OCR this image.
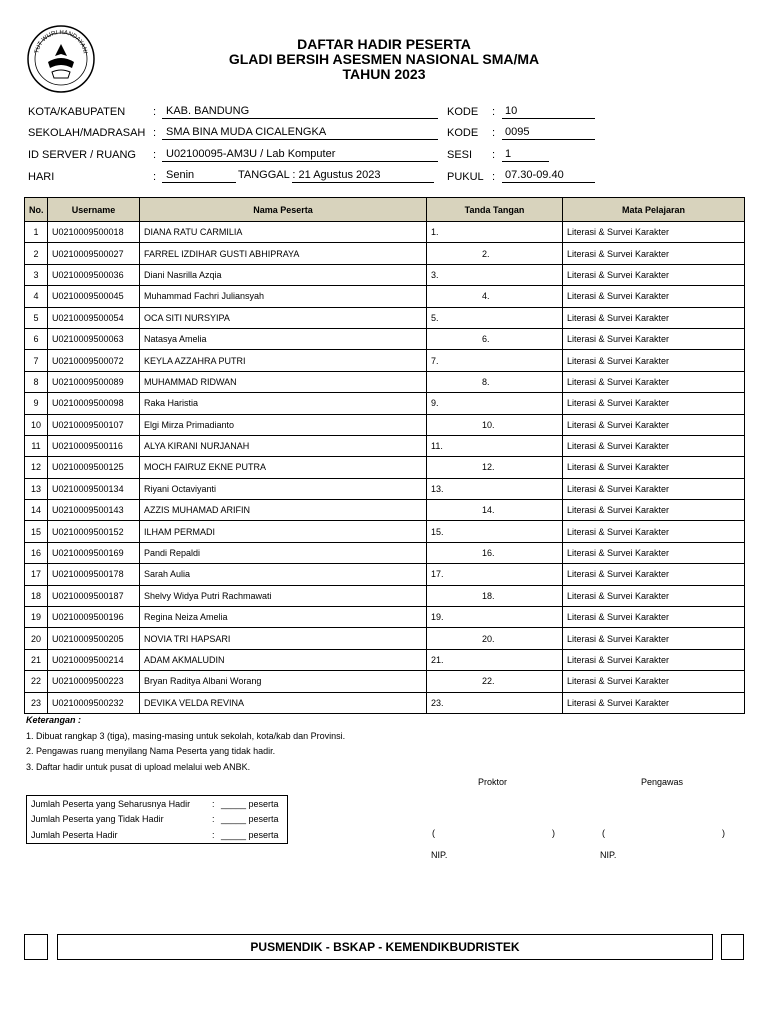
TUT WURI HANDAYANI
DAFTAR HADIR PESERTA
GLADI BERSIH ASESMEN NASIONAL SMA/MA
TAHUN 2023
KOTA/KABUPATEN	: KAB. BANDUNG
SEKOLAH/MADRASAH : SMA BINA MUDA CICALENGKA
ID SERVER / RUANG : U02100095-AM3U / Lab Komputer
HARI	: Senin	TANGGAL : 21 Agustus 2023
KODE : 10
KODE : 0095
SESI : 1
PUKUL : 07.30-09.40
No.	Username	Nama Peserta	Tanda Tangan	Mata Pelajaran
1	U0210009500018	DIANA RATU CARMILIA	1.	Literasi & Survei Karakter
2	U0210009500027	FARREL IZDIHAR GUSTI ABHIPRAYA	2.	Literasi & Survei Karakter
3	U0210009500036	Diani Nasrilla Azqia	3.	Literasi & Survei Karakter
4	U0210009500045	Muhammad Fachri Juliansyah	4.	Literasi & Survei Karakter
5	U0210009500054	OCA SITI NURSYIPA	5.	Literasi & Survei Karakter
6	U0210009500063	Natasya Amelia	6.	Literasi & Survei Karakter
7	U0210009500072	KEYLA AZZAHRA PUTRI	7.	Literasi & Survei Karakter
8	U0210009500089	MUHAMMAD RIDWAN	8.	Literasi & Survei Karakter
9	U0210009500098	Raka Haristia	9.	Literasi & Survei Karakter
10	U0210009500107	Elgi Mirza Primadianto	10.	Literasi & Survei Karakter
11	U0210009500116	ALYA KIRANI NURJANAH	11.	Literasi & Survei Karakter
12	U0210009500125	MOCH FAIRUZ EKNE PUTRA	12.	Literasi & Survei Karakter
13	U0210009500134	Riyani Octaviyanti	13.	Literasi & Survei Karakter
14	U0210009500143	AZZIS MUHAMAD ARIFIN	14.	Literasi & Survei Karakter
15	U0210009500152	ILHAM PERMADI	15.	Literasi & Survei Karakter
16	U0210009500169	Pandi Repaldi	16.	Literasi & Survei Karakter
17	U0210009500178	Sarah Aulia	17.	Literasi & Survei Karakter
18	U0210009500187	Shelvy Widya Putri Rachmawati	18.	Literasi & Survei Karakter
19	U0210009500196	Regina Neiza Amelia	19.	Literasi & Survei Karakter
20	U0210009500205	NOVIA TRI HAPSARI	20.	Literasi & Survei Karakter
21	U0210009500214	ADAM AKMALUDIN	21.	Literasi & Survei Karakter
22	U0210009500223	Bryan Raditya Albani Worang	22.	Literasi & Survei Karakter
23	U0210009500232	DEVIKA VELDA REVINA	23.	Literasi & Survei Karakter
Keterangan :
1. Dibuat rangkap 3 (tiga), masing-masing untuk sekolah, kota/kab dan Provinsi.
2. Pengawas ruang menyilang Nama Peserta yang tidak hadir.
3. Daftar hadir untuk pusat di upload melalui web ANBK.
Jumlah Peserta yang Seharusnya Hadir : _____ peserta
Jumlah Peserta yang Tidak Hadir	: _____ peserta
Jumlah Peserta Hadir	: _____ peserta
Proktor	Pengawas
(	)	(	)
NIP.	NIP.
PUSMENDIK - BSKAP - KEMENDIKBUDRISTEK
